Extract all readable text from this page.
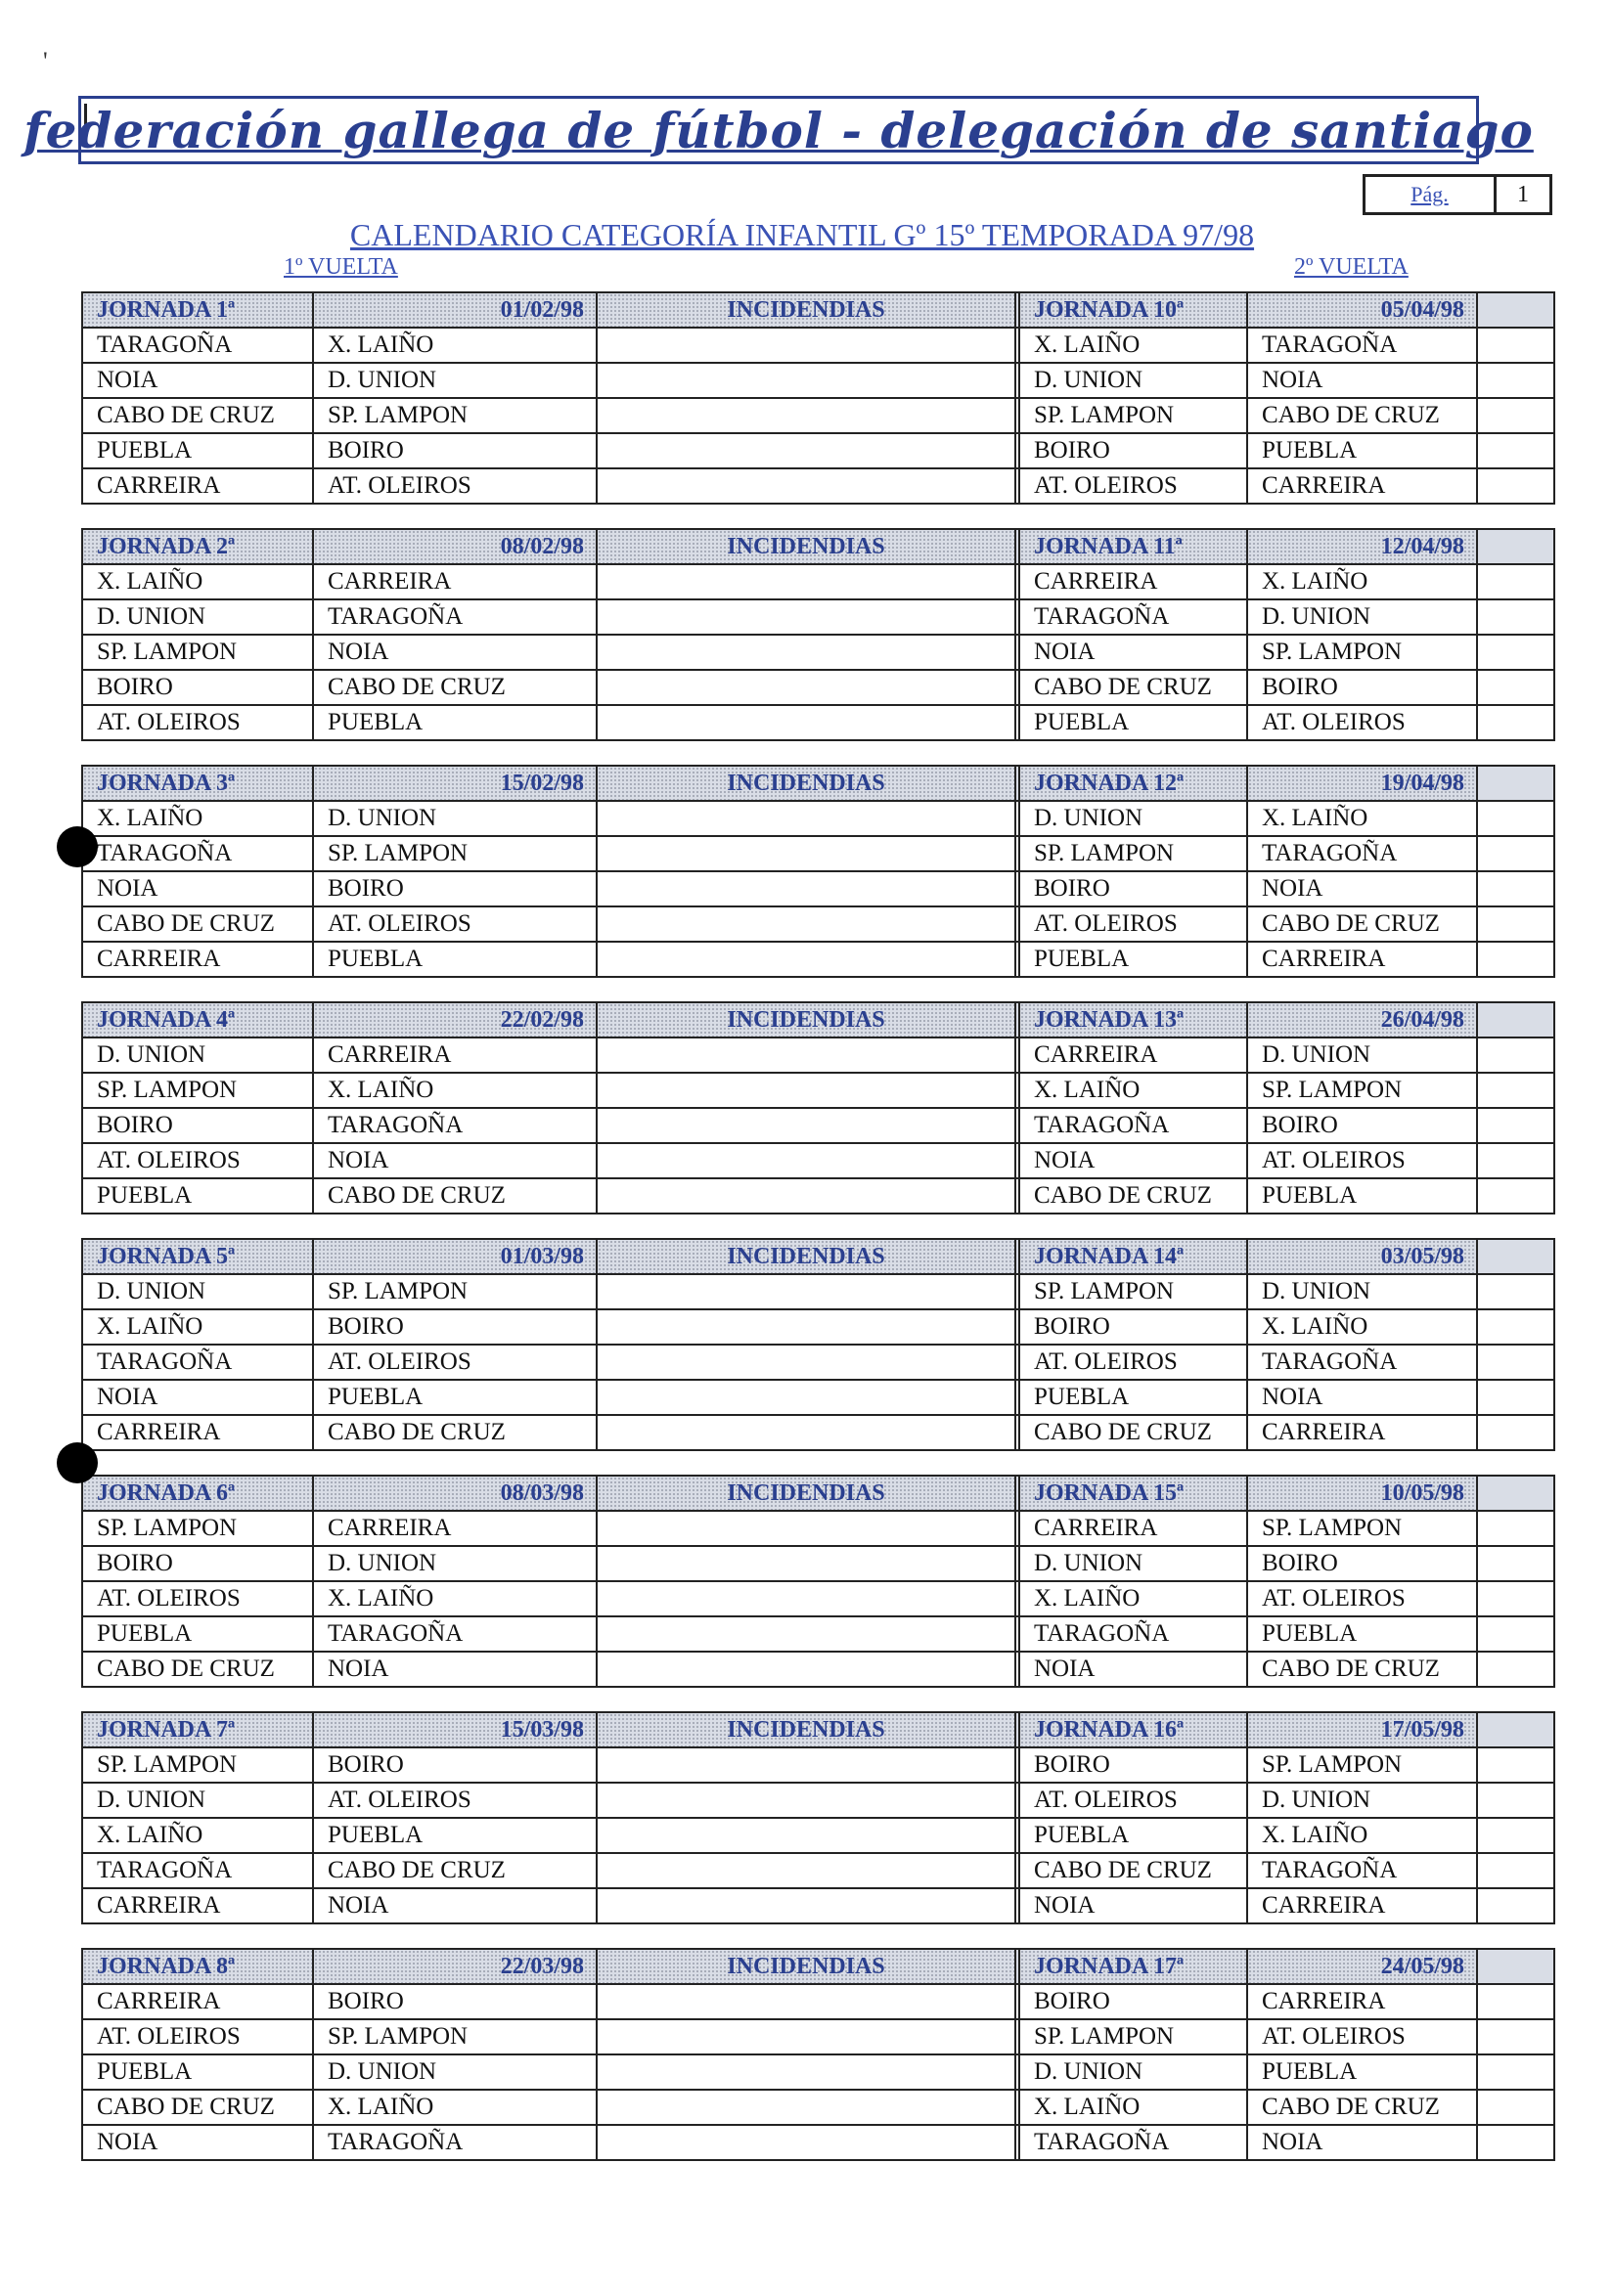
'
federación gallega de fútbol - delegación de santiago
Pág.	1
CALENDARIO CATEGORÍA INFANTIL Gº 15º TEMPORADA 97/98
1º VUELTA	2º VUELTA
JORNADA 1ª	01/02/98	INCIDENDIAS		JORNADA 10ª	05/04/98	
TARAGOÑA	X. LAIÑO			X. LAIÑO	TARAGOÑA	
NOIA	D. UNION			D. UNION	NOIA	
CABO DE CRUZ	SP. LAMPON			SP. LAMPON	CABO DE CRUZ	
PUEBLA	BOIRO			BOIRO	PUEBLA	
CARREIRA	AT. OLEIROS			AT. OLEIROS	CARREIRA	
JORNADA 2ª	08/02/98	INCIDENDIAS		JORNADA 11ª	12/04/98	
X. LAIÑO	CARREIRA			CARREIRA	X. LAIÑO	
D. UNION	TARAGOÑA			TARAGOÑA	D. UNION	
SP. LAMPON	NOIA			NOIA	SP. LAMPON	
BOIRO	CABO DE CRUZ			CABO DE CRUZ	BOIRO	
AT. OLEIROS	PUEBLA			PUEBLA	AT. OLEIROS	
JORNADA 3ª	15/02/98	INCIDENDIAS		JORNADA 12ª	19/04/98	
X. LAIÑO	D. UNION			D. UNION	X. LAIÑO	
TARAGOÑA	SP. LAMPON			SP. LAMPON	TARAGOÑA	
NOIA	BOIRO			BOIRO	NOIA	
CABO DE CRUZ	AT. OLEIROS			AT. OLEIROS	CABO DE CRUZ	
CARREIRA	PUEBLA			PUEBLA	CARREIRA	
JORNADA 4ª	22/02/98	INCIDENDIAS		JORNADA 13ª	26/04/98	
D. UNION	CARREIRA			CARREIRA	D. UNION	
SP. LAMPON	X. LAIÑO			X. LAIÑO	SP. LAMPON	
BOIRO	TARAGOÑA			TARAGOÑA	BOIRO	
AT. OLEIROS	NOIA			NOIA	AT. OLEIROS	
PUEBLA	CABO DE CRUZ			CABO DE CRUZ	PUEBLA	
JORNADA 5ª	01/03/98	INCIDENDIAS		JORNADA 14ª	03/05/98	
D. UNION	SP. LAMPON			SP. LAMPON	D. UNION	
X. LAIÑO	BOIRO			BOIRO	X. LAIÑO	
TARAGOÑA	AT. OLEIROS			AT. OLEIROS	TARAGOÑA	
NOIA	PUEBLA			PUEBLA	NOIA	
CARREIRA	CABO DE CRUZ			CABO DE CRUZ	CARREIRA	
JORNADA 6ª	08/03/98	INCIDENDIAS		JORNADA 15ª	10/05/98	
SP. LAMPON	CARREIRA			CARREIRA	SP. LAMPON	
BOIRO	D. UNION			D. UNION	BOIRO	
AT. OLEIROS	X. LAIÑO			X. LAIÑO	AT. OLEIROS	
PUEBLA	TARAGOÑA			TARAGOÑA	PUEBLA	
CABO DE CRUZ	NOIA			NOIA	CABO DE CRUZ	
JORNADA 7ª	15/03/98	INCIDENDIAS		JORNADA 16ª	17/05/98	
SP. LAMPON	BOIRO			BOIRO	SP. LAMPON	
D. UNION	AT. OLEIROS			AT. OLEIROS	D. UNION	
X. LAIÑO	PUEBLA			PUEBLA	X. LAIÑO	
TARAGOÑA	CABO DE CRUZ			CABO DE CRUZ	TARAGOÑA	
CARREIRA	NOIA			NOIA	CARREIRA	
JORNADA 8ª	22/03/98	INCIDENDIAS		JORNADA 17ª	24/05/98	
CARREIRA	BOIRO			BOIRO	CARREIRA	
AT. OLEIROS	SP. LAMPON			SP. LAMPON	AT. OLEIROS	
PUEBLA	D. UNION			D. UNION	PUEBLA	
CABO DE CRUZ	X. LAIÑO			X. LAIÑO	CABO DE CRUZ	
NOIA	TARAGOÑA			TARAGOÑA	NOIA	
